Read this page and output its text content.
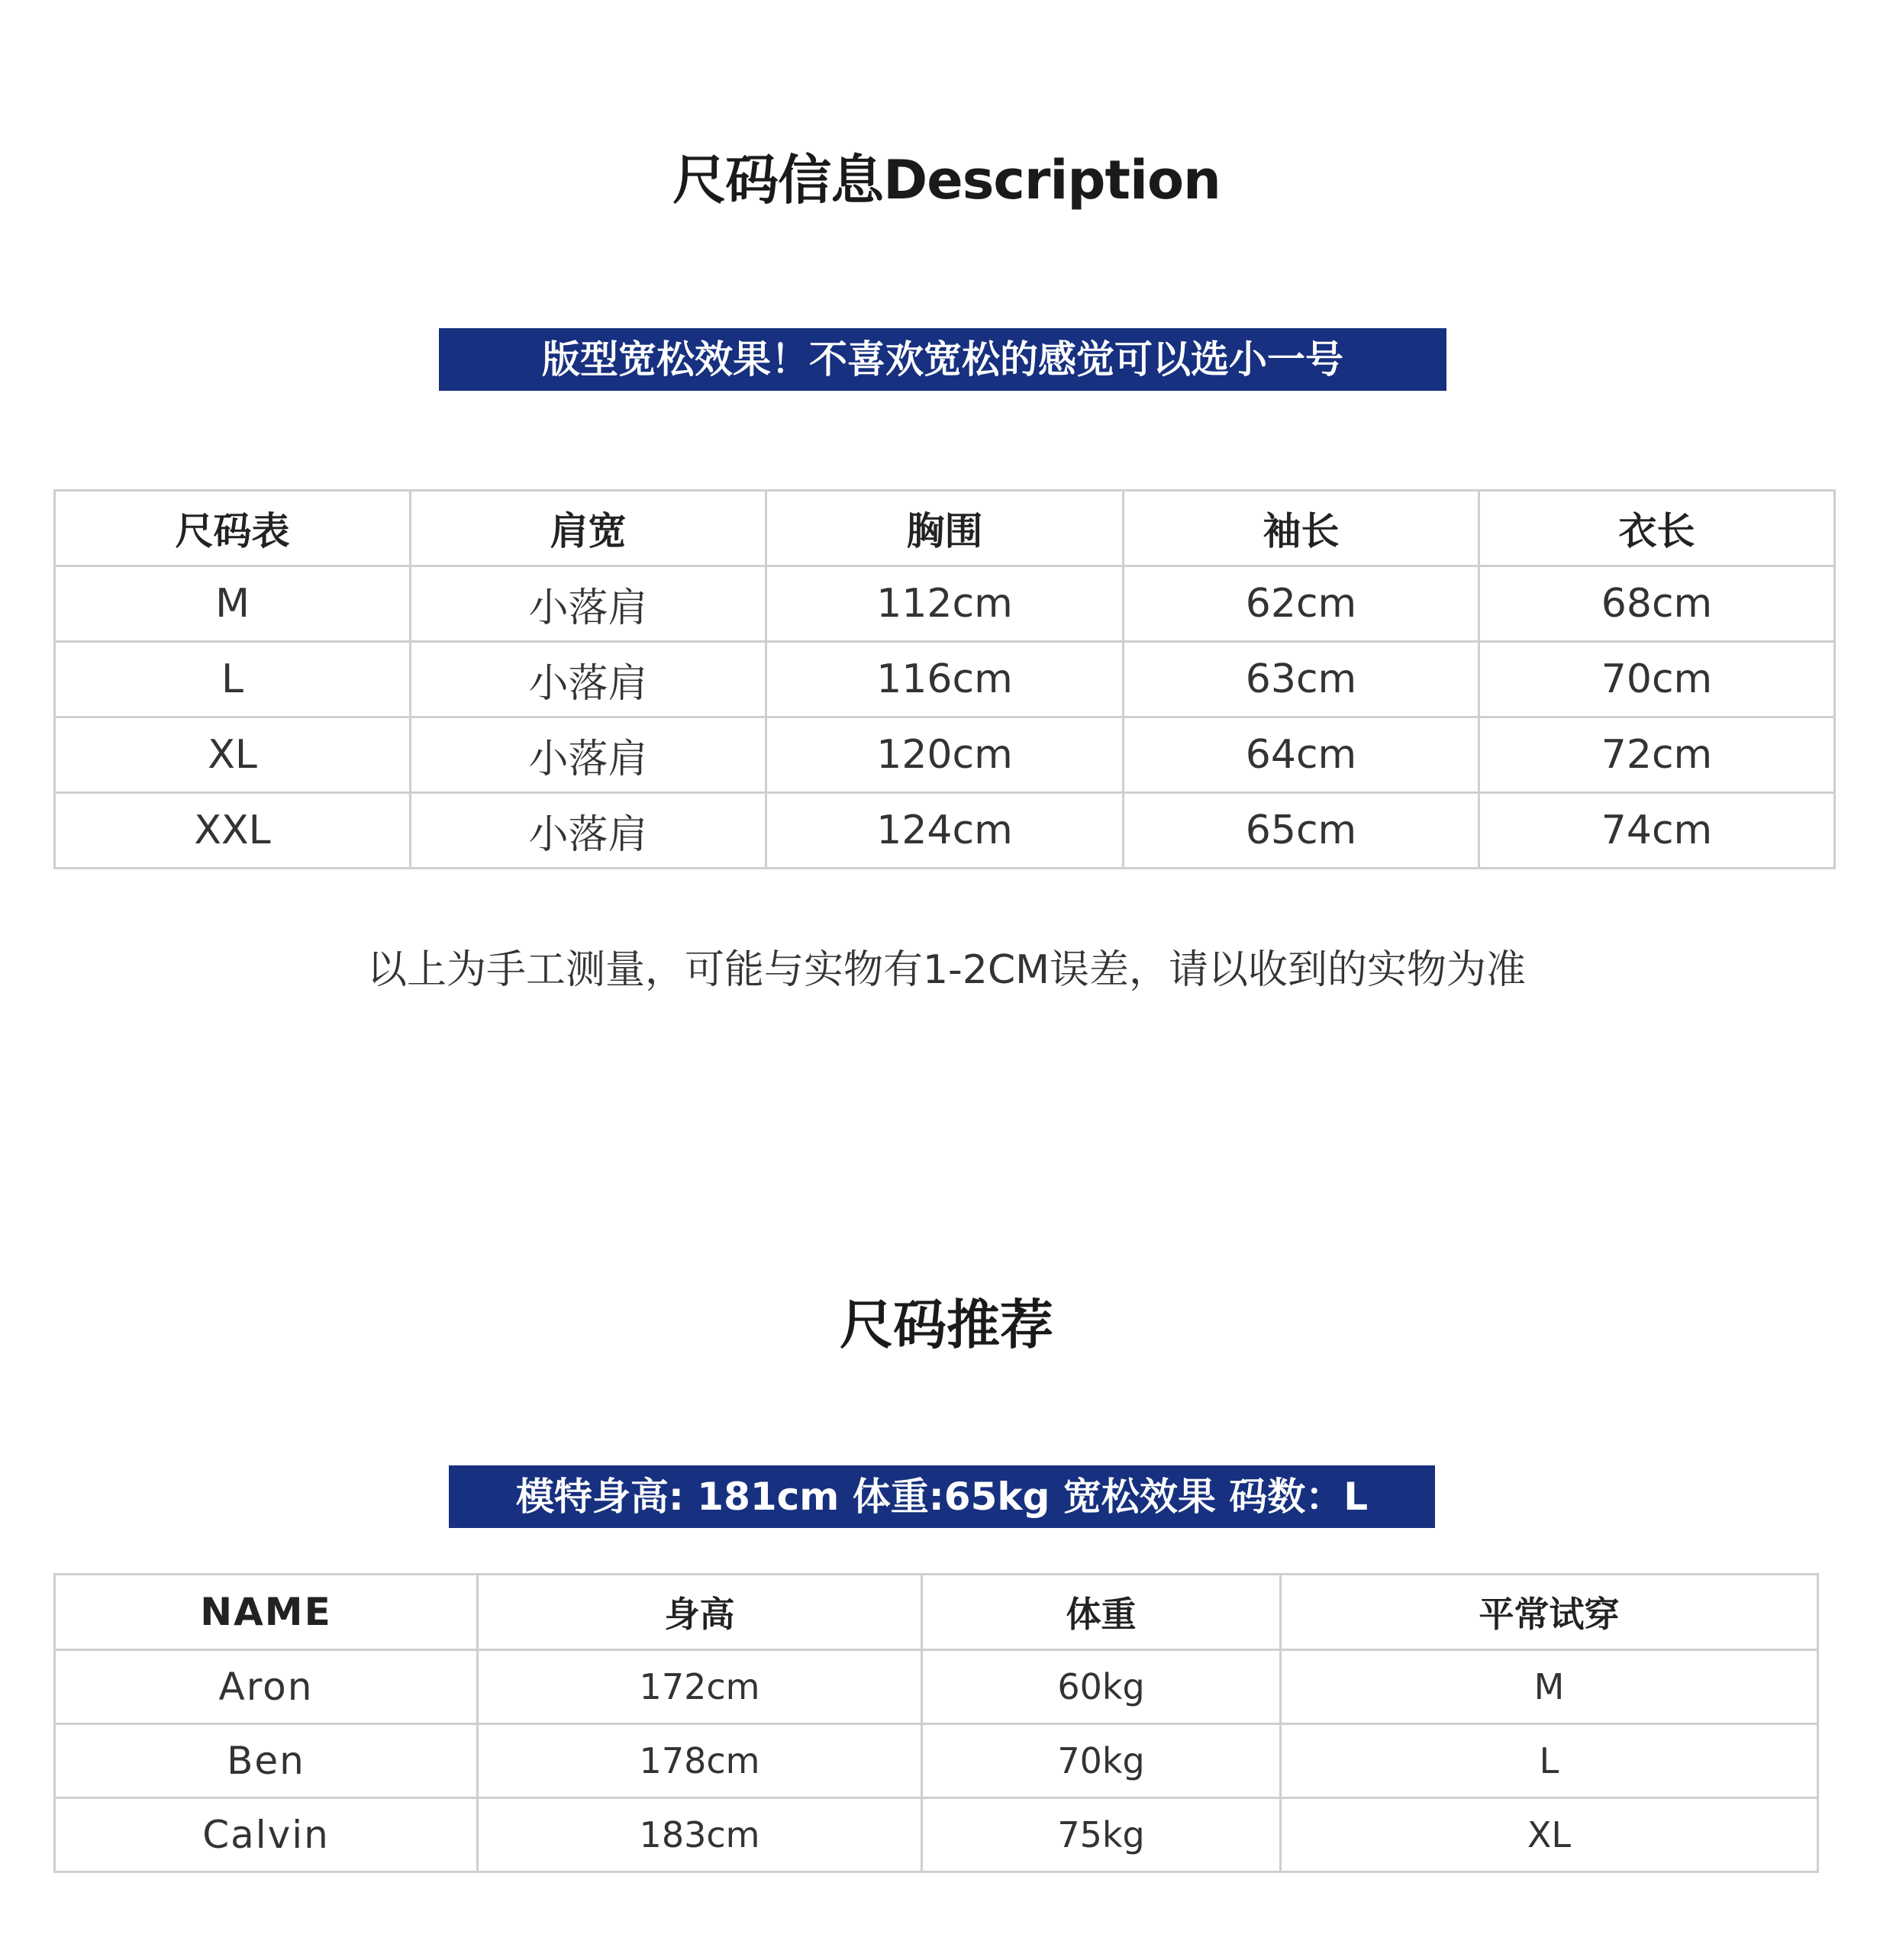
尺码信息Description
版型宽松效果！不喜欢宽松的感觉可以选小一号
尺码表	肩宽	胸围	袖长	衣长
M	小落肩	112cm	62cm	68cm
L	小落肩	116cm	63cm	70cm
XL	小落肩	120cm	64cm	72cm
XXL	小落肩	124cm	65cm	74cm
以上为手工测量，可能与实物有1-2CM误差，请以收到的实物为准
尺码推荐
模特身高: 181cm 体重:65kg 宽松效果 码数：L
NAME	身高	体重	平常试穿
Aron	172cm	60kg	M
Ben	178cm	70kg	L
Calvin	183cm	75kg	XL
